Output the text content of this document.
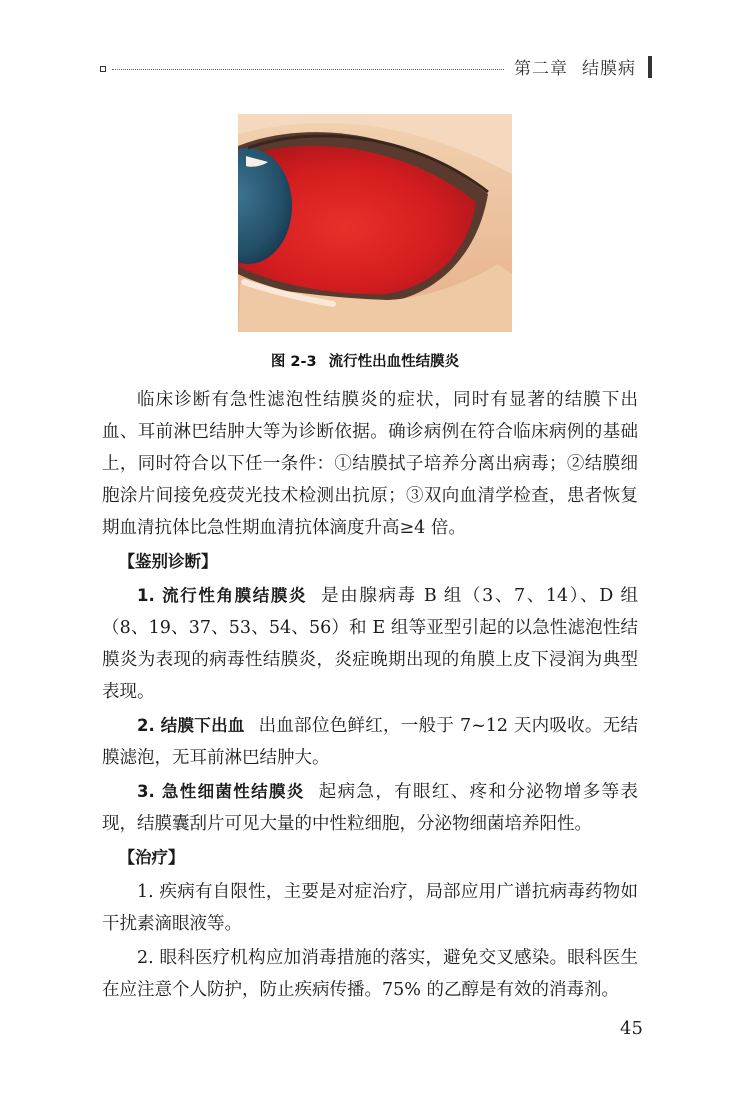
第二章 结膜病
图 2-3 流行性出血性结膜炎

临床诊断有急性滤泡性结膜炎的症状，同时有显著的结膜下出血、耳前淋巴结肿大等为诊断依据。确诊病例在符合临床病例的基础上，同时符合以下任一条件：①结膜拭子培养分离出病毒；②结膜细胞涂片间接免疫荧光技术检测出抗原；③双向血清学检查，患者恢复期血清抗体比急性期血清抗体滴度升高≥4 倍。

【鉴别诊断】

1. 流行性角膜结膜炎 是由腺病毒 B 组（3、7、14）、D 组（8、19、37、53、54、56）和 E 组等亚型引起的以急性滤泡性结膜炎为表现的病毒性结膜炎，炎症晚期出现的角膜上皮下浸润为典型表现。

2. 结膜下出血 出血部位色鲜红，一般于 7~12 天内吸收。无结膜滤泡，无耳前淋巴结肿大。

3. 急性细菌性结膜炎 起病急，有眼红、疼和分泌物增多等表现，结膜囊刮片可见大量的中性粒细胞，分泌物细菌培养阳性。

【治疗】

1. 疾病有自限性，主要是对症治疗，局部应用广谱抗病毒药物如干扰素滴眼液等。

2. 眼科医疗机构应加消毒措施的落实，避免交叉感染。眼科医生在应注意个人防护，防止疾病传播。75% 的乙醇是有效的消毒剂。

45
